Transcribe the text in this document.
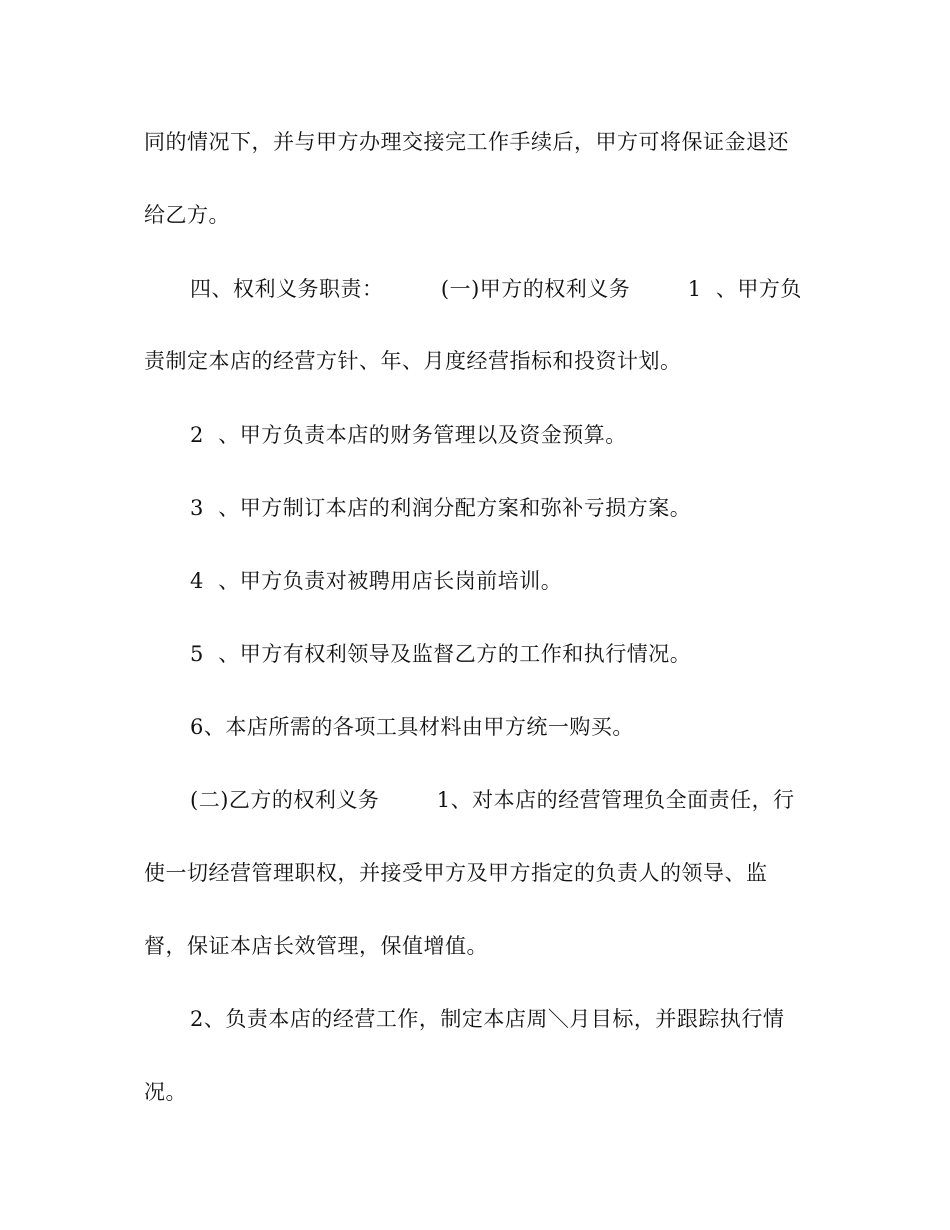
同的情况下，并与甲方办理交接完工作手续后，甲方可将保证金退还
给乙方。
四、权利义务职责：        (一)甲方的权利义务        1  、甲方负
责制定本店的经营方针、年、月度经营指标和投资计划。
2  、甲方负责本店的财务管理以及资金预算。
3  、甲方制订本店的利润分配方案和弥补亏损方案。
4  、甲方负责对被聘用店长岗前培训。
5  、甲方有权利领导及监督乙方的工作和执行情况。
6、本店所需的各项工具材料由甲方统一购买。
(二)乙方的权利义务        1、对本店的经营管理负全面责任，行
使一切经营管理职权，并接受甲方及甲方指定的负责人的领导、监
督，保证本店长效管理，保值增值。
2、负责本店的经营工作，制定本店周＼月目标，并跟踪执行情
况。
